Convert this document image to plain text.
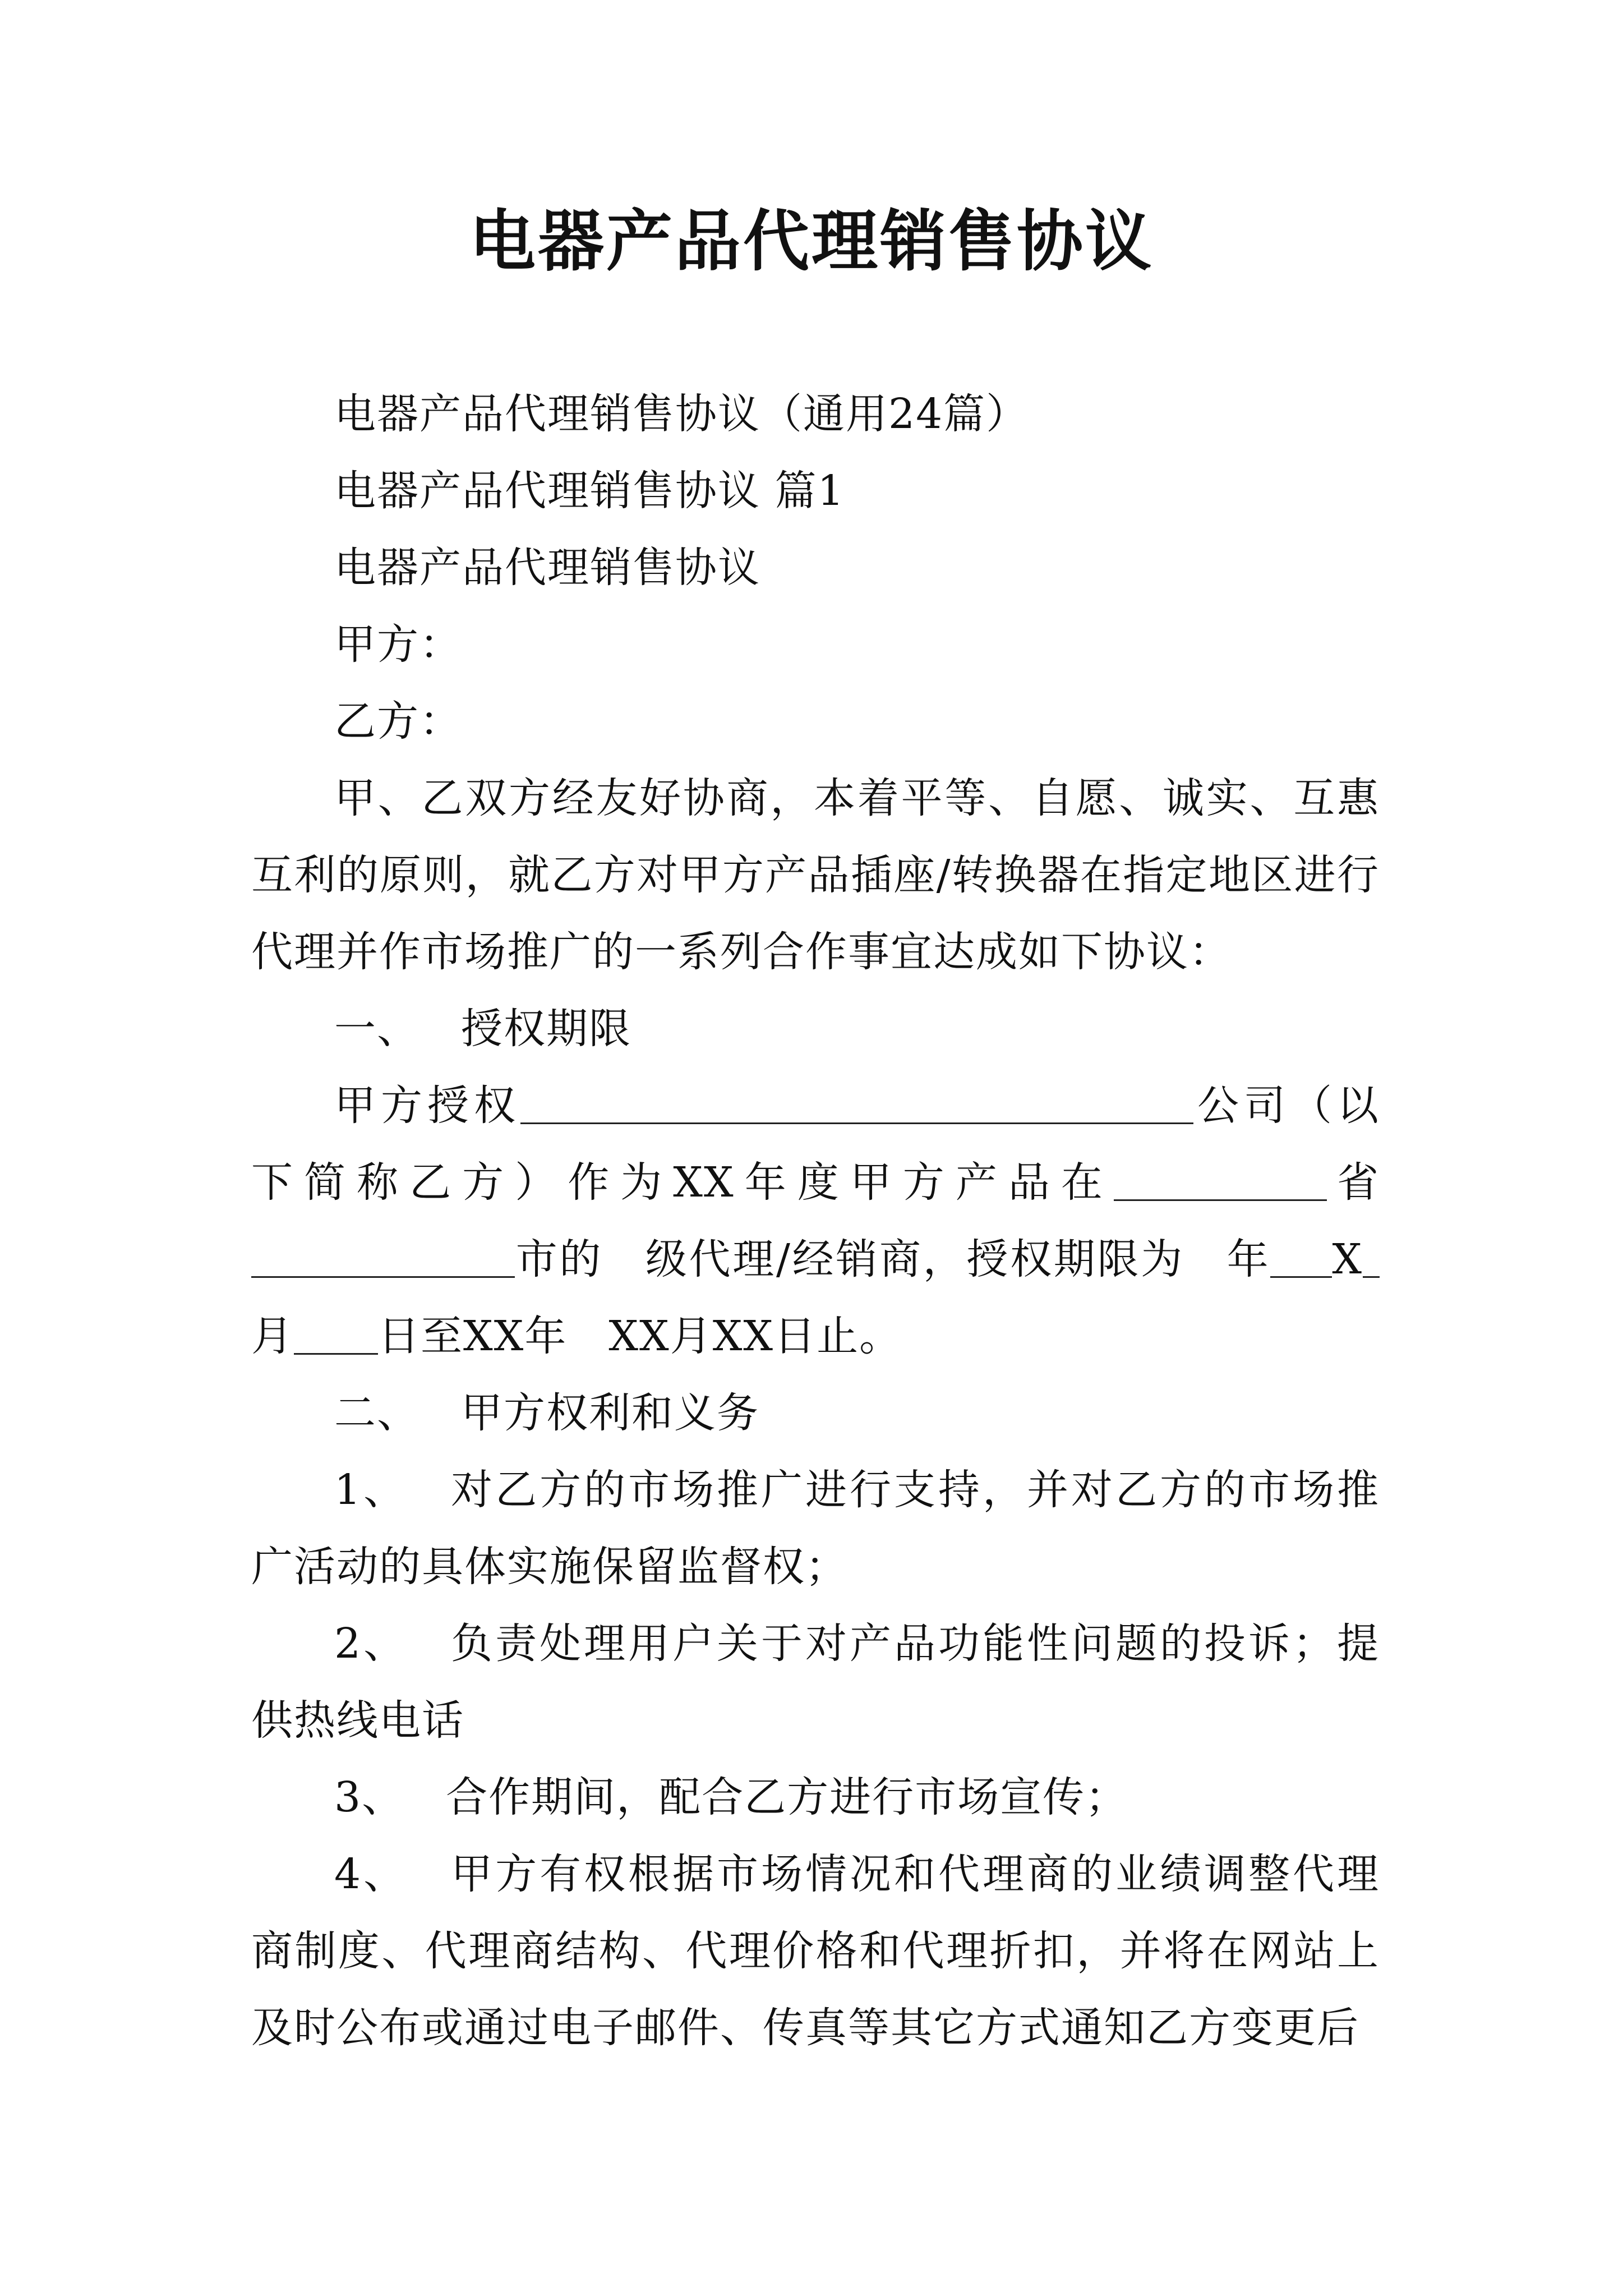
电器产品代理销售协议

电器产品代理销售协议（通用24篇）

电器产品代理销售协议 篇1

电器产品代理销售协议

甲方：

乙方：

甲、乙双方经友好协商，本着平等、自愿、诚实、互惠互利的原则，就乙方对甲方产品插座/转换器在指定地区进行代理并作市场推广的一系列合作事宜达成如下协议：

一、 授权期限

甲方授权	公司（以下简称乙方）作为XX年度甲方产品在	省市的 级代理/经销商，授权期限为 年 X月 日至XX年 XX月XX日止。

二、 甲方权利和义务

1、 对乙方的市场推广进行支持，并对乙方的市场推广活动的具体实施保留监督权；

2、 负责处理用户关于对产品功能性问题的投诉；提供热线电话

3、 合作期间，配合乙方进行市场宣传；

4、 甲方有权根据市场情况和代理商的业绩调整代理商制度、代理商结构、代理价格和代理折扣，并将在网站上及时公布或通过电子邮件、传真等其它方式通知乙方变更后
